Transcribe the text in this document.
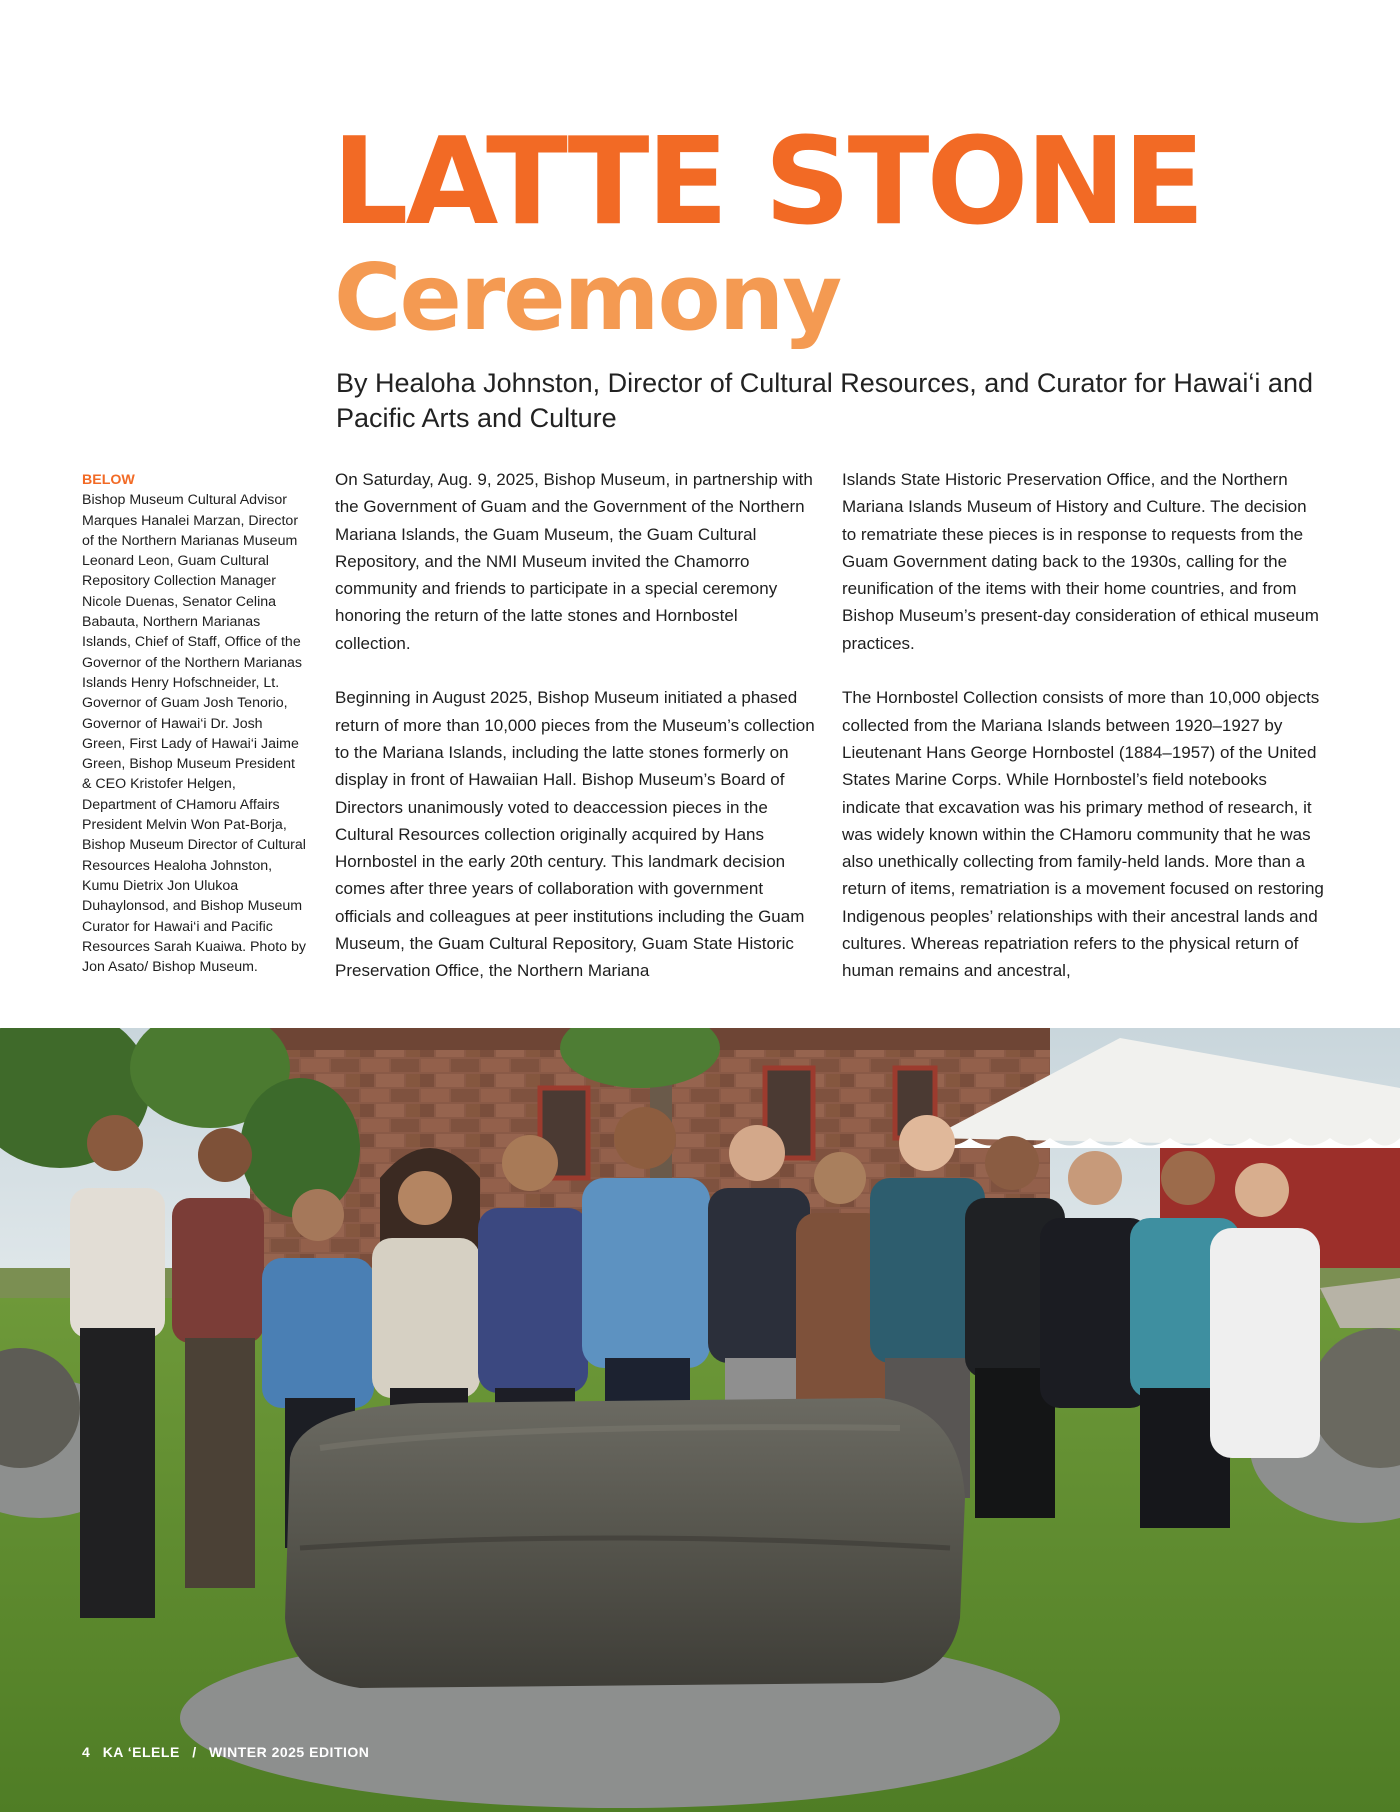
LATTE STONE
Ceremony

By Healoha Johnston, Director of Cultural Resources, and Curator for Hawai‘i and Pacific Arts and Culture

BELOW
Bishop Museum Cultural Advisor Marques Hanalei Marzan, Director of the Northern Marianas Museum Leonard Leon, Guam Cultural Repository Collection Manager Nicole Duenas, Senator Celina Babauta, Northern Marianas Islands, Chief of Staff, Office of the Governor of the Northern Marianas Islands Henry Hofschneider, Lt. Governor of Guam Josh Tenorio, Governor of Hawai‘i Dr. Josh Green, First Lady of Hawai‘i Jaime Green, Bishop Museum President & CEO Kristofer Helgen, Department of CHamoru Affairs President Melvin Won Pat-Borja, Bishop Museum Director of Cultural Resources Healoha Johnston, Kumu Dietrix Jon Ulukoa Duhaylonsod, and Bishop Museum Curator for Hawai‘i and Pacific Resources Sarah Kuaiwa. Photo by Jon Asato/ Bishop Museum.

On Saturday, Aug. 9, 2025, Bishop Museum, in partnership with the Government of Guam and the Government of the Northern Mariana Islands, the Guam Museum, the Guam Cultural Repository, and the NMI Museum invited the Chamorro community and friends to participate in a special ceremony honoring the return of the latte stones and Hornbostel collection.

Beginning in August 2025, Bishop Museum initiated a phased return of more than 10,000 pieces from the Museum’s collection to the Mariana Islands, including the latte stones formerly on display in front of Hawaiian Hall. Bishop Museum’s Board of Directors unanimously voted to deaccession pieces in the Cultural Resources collection originally acquired by Hans Hornbostel in the early 20th century. This landmark decision comes after three years of collaboration with government officials and colleagues at peer institutions including the Guam Museum, the Guam Cultural Repository, Guam State Historic Preservation Office, the Northern Mariana

Islands State Historic Preservation Office, and the Northern Mariana Islands Museum of History and Culture. The decision to rematriate these pieces is in response to requests from the Guam Government dating back to the 1930s, calling for the reunification of the items with their home countries, and from Bishop Museum’s present-day consideration of ethical museum practices.

The Hornbostel Collection consists of more than 10,000 objects collected from the Mariana Islands between 1920–1927 by Lieutenant Hans George Hornbostel (1884–1957) of the United States Marine Corps. While Hornbostel’s field notebooks indicate that excavation was his primary method of research, it was widely known within the CHamoru community that he was also unethically collecting from family-held lands. More than a return of items, rematriation is a movement focused on restoring Indigenous peoples’ relationships with their ancestral lands and cultures. Whereas repatriation refers to the physical return of human remains and ancestral,

4 KA ‘ELELE / WINTER 2025 EDITION
